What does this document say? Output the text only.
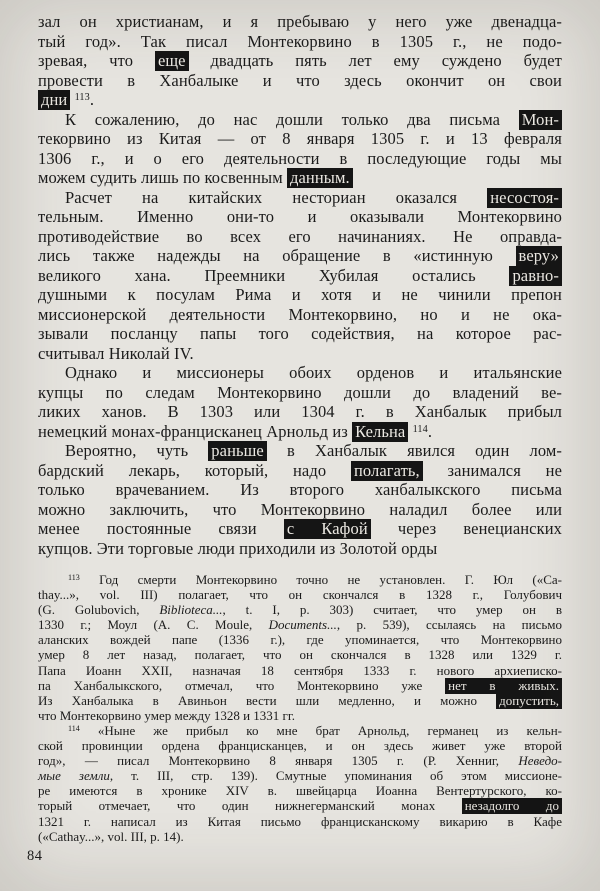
зал он христианам, и я пребываю у него уже двенадца-
тый год». Так писал Монтекорвино в 1305 г., не подо-
зревая, что еще двадцать пять лет ему суждено будет
провести в Ханбалыке и что здесь окончит он свои
дни $^{113}$.
К сожалению, до нас дошли только два письма Мон-
текорвино из Китая — от 8 января 1305 г. и 13 февраля
1306 г., и о его деятельности в последующие годы мы
можем судить лишь по косвенным данным.
Расчет на китайских несториан оказался несостоя-
тельным. Именно они-то и оказывали Монтекорвино
противодействие во всех его начинаниях. Не оправда-
лись также надежды на обращение в «истинную веру»
великого хана. Преемники Хубилая остались равно-
душными к посулам Рима и хотя и не чинили препон
миссионерской деятельности Монтекорвино, но и не ока-
зывали посланцу папы того содействия, на которое рас-
считывал Николай IV.
Однако и миссионеры обоих орденов и итальянские
купцы по следам Монтекорвино дошли до владений ве-
ликих ханов. В 1303 или 1304 г. в Ханбалык прибыл
немецкий монах-францисканец Арнольд из Кельна $^{114}$.
Вероятно, чуть раньше в Ханбалык явился один лом-
бардский лекарь, который, надо полагать, занимался не
только врачеванием. Из второго ханбалыкского письма
можно заключить, что Монтекорвино наладил более или
менее постоянные связи с Кафой через венецианских
купцов. Эти торговые люди приходили из Золотой орды
$^{113}$ Год смерти Монтекорвино точно не установлен. Г. Юл («Ca-
thay...», vol. III) полагает, что он скончался в 1328 г., Голубович
(G. Golubovich, Biblioteca..., t. I, p. 303) считает, что умер он в
1330 г.; Моул (А. С. Moule, Documents..., p. 539), ссылаясь на письмо
аланских вождей папе (1336 г.), где упоминается, что Монтекорвино
умер 8 лет назад, полагает, что он скончался в 1328 или 1329 г.
Папа Иоанн XXII, назначая 18 сентября 1333 г. нового архиеписко-
па Ханбалыкского, отмечал, что Монтекорвино уже нет в живых.
Из Ханбалыка в Авиньон вести шли медленно, и можно допустить,
что Монтекорвино умер между 1328 и 1331 гг.
$^{114}$ «Ныне же прибыл ко мне брат Арнольд, германец из кельн-
ской провинции ордена францисканцев, и он здесь живет уже второй
год», — писал Монтекорвино 8 января 1305 г. (Р. Хенниг, Неведо-
мые земли, т. III, стр. 139). Смутные упоминания об этом миссионе-
ре имеются в хронике XIV в. швейцарца Иоанна Вентертурского, ко-
торый отмечает, что один нижнегерманский монах незадолго до
1321 г. написал из Китая письмо францисканскому викарию в Кафе
(«Cathay...», vol. III, р. 14).
84
